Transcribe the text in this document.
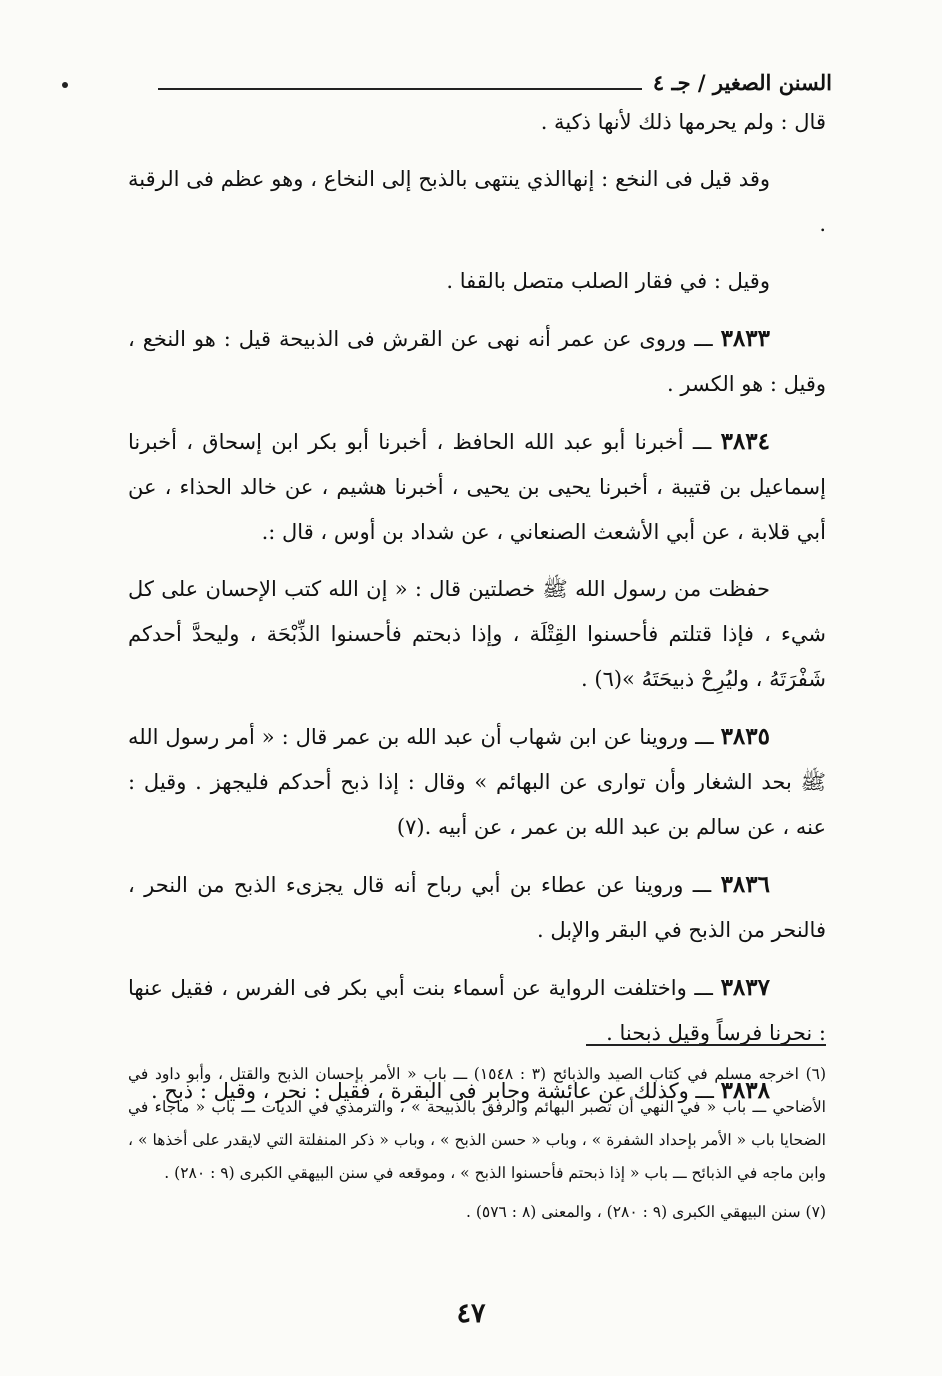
السنن الصغير / جـ ٤

قال : ولم يحرمها ذلك لأنها ذكية .

وقد قيل فى النخع : إنهاالذي ينتهى بالذبح إلى النخاع ، وهو عظم فى الرقبة .

وقيل : في فقار الصلب متصل بالقفا .

٣٨٣٣ ـــ وروى عن عمر أنه نهى عن القرش فى الذبيحة قيل : هو النخع ، وقيل : هو الكسر .

٣٨٣٤ ـــ أخبرنا أبو عبد الله الحافظ ، أخبرنا أبو بكر ابن إسحاق ، أخبرنا إسماعيل بن قتيبة ، أخبرنا يحيى بن يحيى ، أخبرنا هشيم ، عن خالد الحذاء ، عن أبي قلابة ، عن أبي الأشعث الصنعاني ، عن شداد بن أوس ، قال :.

حفظت من رسول الله ﷺ خصلتين قال : « إن الله كتب الإحسان على كل شيء ، فإذا قتلتم فأحسنوا القِتْلَة ، وإذا ذبحتم فأحسنوا الذِّبْحَة ، وليحدَّ أحدكم شَفْرَتَهُ ، وليُرِحْ ذبيحَتَهُ »(٦) .

٣٨٣٥ ـــ وروينا عن ابن شهاب أن عبد الله بن عمر قال : « أمر رسول الله ﷺ بحد الشغار وأن توارى عن البهائم » وقال : إذا ذبح أحدكم فليجهز . وقيل : عنه ، عن سالم بن عبد الله بن عمر ، عن أبيه .(٧)

٣٨٣٦ ـــ وروينا عن عطاء بن أبي رباح أنه قال يجزىء الذبح من النحر ، فالنحر من الذبح في البقر والإبل .

٣٨٣٧ ـــ واختلفت الرواية عن أسماء بنت أبي بكر فى الفرس ، فقيل عنها : نحرنا فرساً وقيل ذبحنا .

٣٨٣٨ ـــ وكذلك عن عائشة وجابر فى البقرة ، فقيل : نحر ، وقيل : ذبح .

(٦) اخرجه مسلم في كتاب الصيد والذبائح (٣ : ١٥٤٨) ـــ باب « الأمر بإحسان الذبح والقتل ، وأبو داود في الأضاحي ـــ باب « في النهي أن تصبر البهائم والرفق بالذبيحة » ، والترمذي في الديات ـــ باب « ماجاء في الضحايا باب « الأمر بإحداد الشفرة » ، وباب « حسن الذبح » ، وباب « ذكر المنفلتة التي لايقدر على أخذها » ، وابن ماجه في الذبائح ـــ باب « إذا ذبحتم فأحسنوا الذبح » ، وموقعه في سنن البيهقي الكبرى (٩ : ٢٨٠) .

(٧) سنن البيهقي الكبرى (٩ : ٢٨٠) ، والمعنى (٨ : ٥٧٦) .

٤٧
